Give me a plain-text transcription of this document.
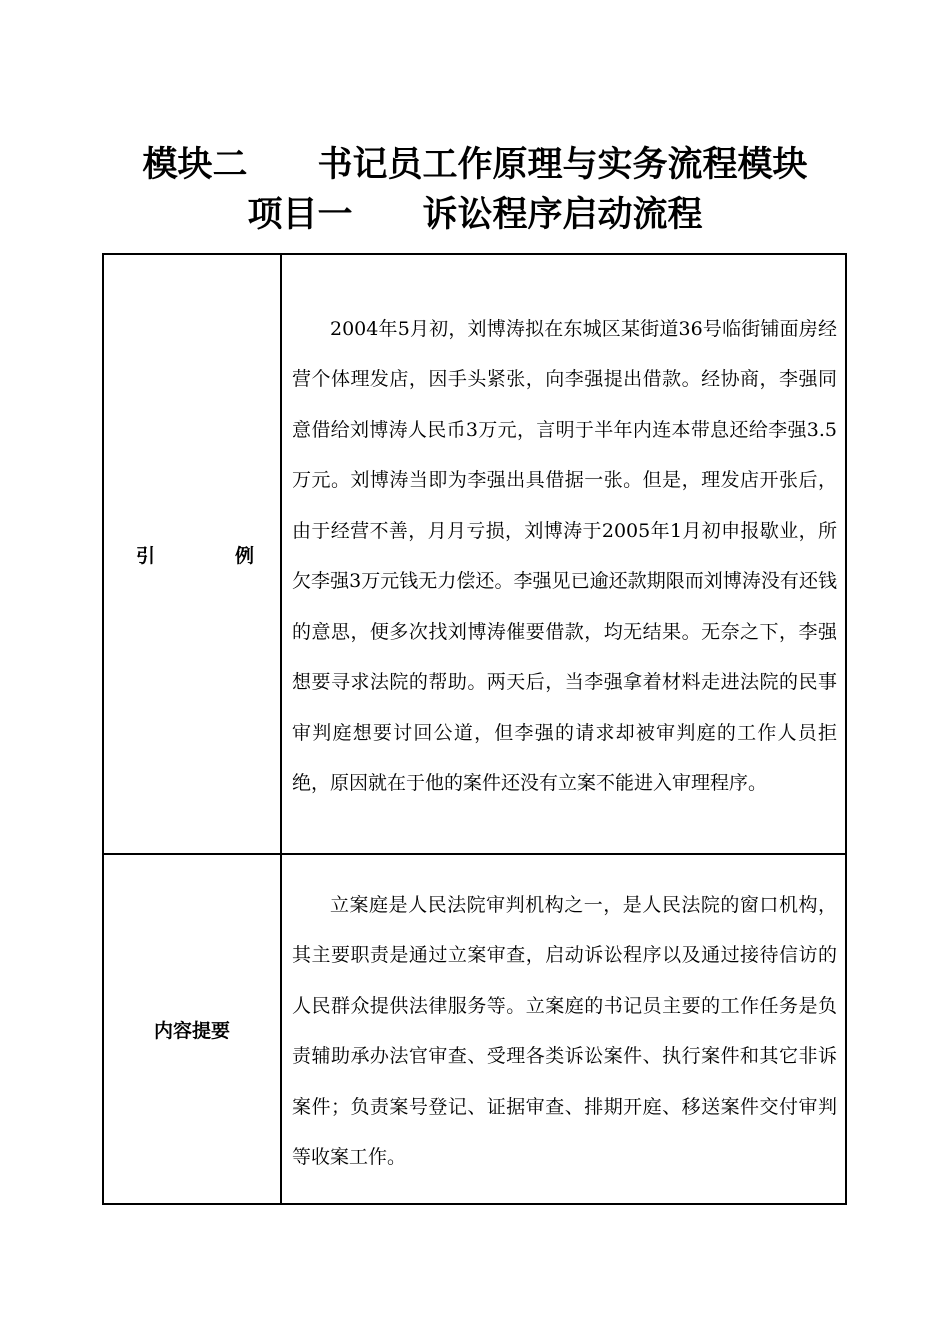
模块二　　书记员工作原理与实务流程模块
项目一　　诉讼程序启动流程
引 例	2004年5月初，刘博涛拟在东城区某街道36号临街铺面房经营个体理发店，因手头紧张，向李强提出借款。经协商，李强同意借给刘博涛人民币3万元，言明于半年内连本带息还给李强3.5万元。刘博涛当即为李强出具借据一张。但是，理发店开张后，由于经营不善，月月亏损，刘博涛于2005年1月初申报歇业，所欠李强3万元钱无力偿还。李强见已逾还款期限而刘博涛没有还钱的意思，便多次找刘博涛催要借款，均无结果。无奈之下，李强想要寻求法院的帮助。两天后，当李强拿着材料走进法院的民事审判庭想要讨回公道，但李强的请求却被审判庭的工作人员拒绝，原因就在于他的案件还没有立案不能进入审理程序。
内容提要	立案庭是人民法院审判机构之一，是人民法院的窗口机构，其主要职责是通过立案审查，启动诉讼程序以及通过接待信访的人民群众提供法律服务等。立案庭的书记员主要的工作任务是负责辅助承办法官审查、受理各类诉讼案件、执行案件和其它非诉案件；负责案号登记、证据审查、排期开庭、移送案件交付审判等收案工作。
